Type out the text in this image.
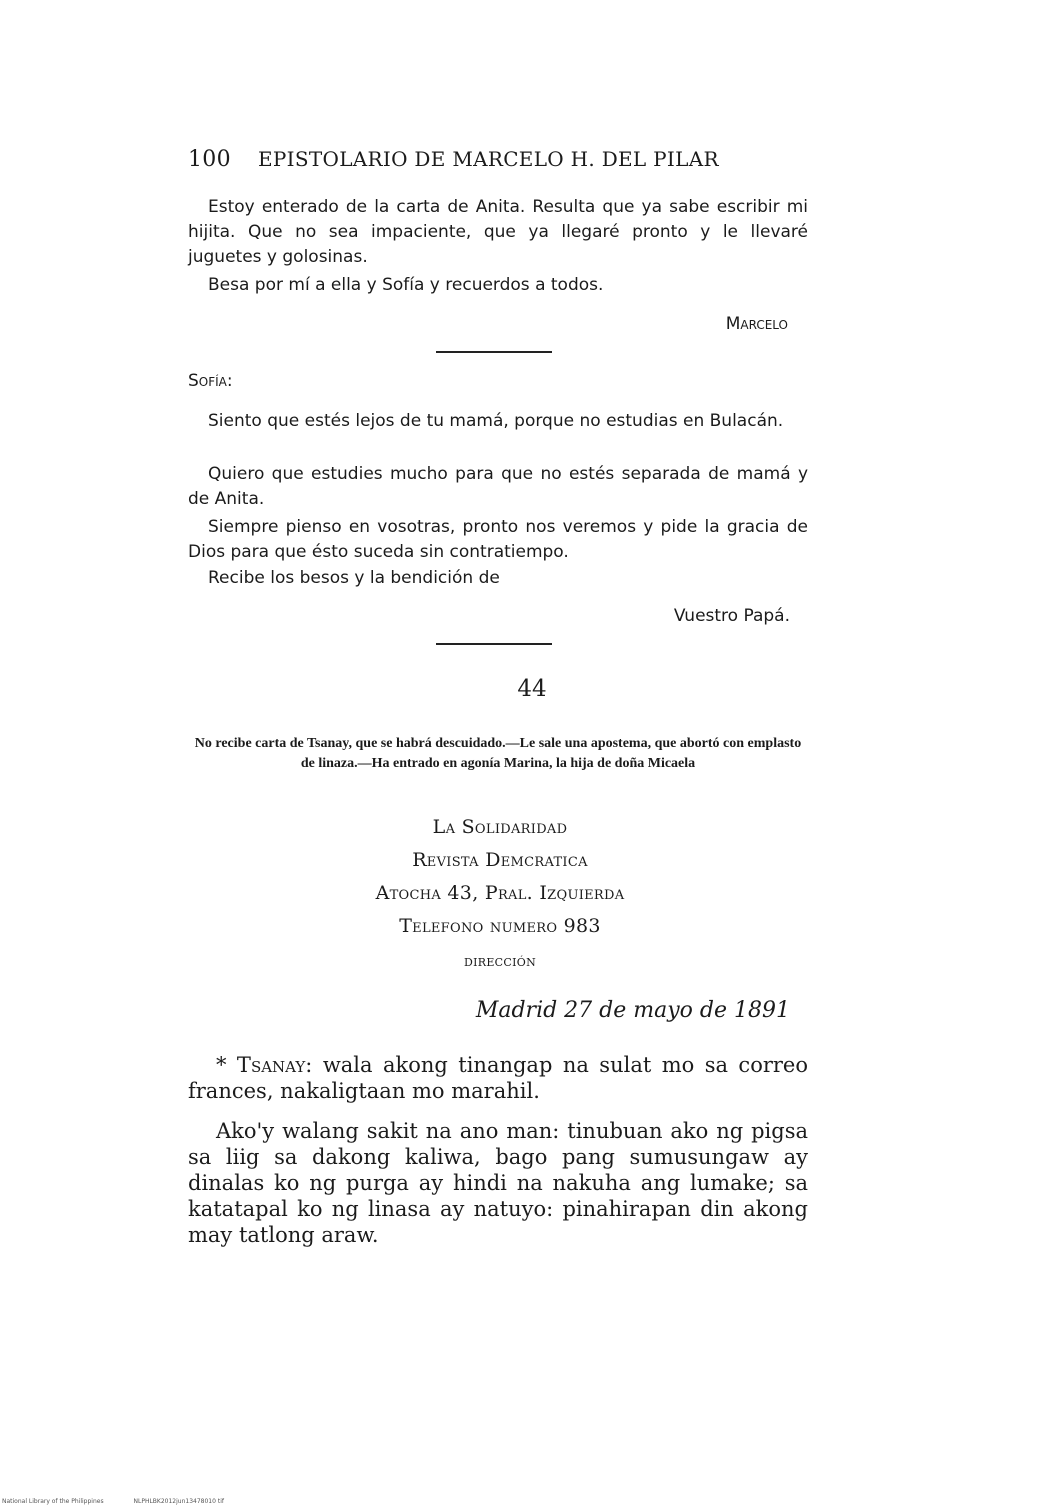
100 EPISTOLARIO DE MARCELO H. DEL PILAR

Estoy enterado de la carta de Anita. Resulta que ya sabe escribir mi hijita. Que no sea impaciente, que ya llegaré pronto y le llevaré juguetes y golosinas.

Besa por mí a ella y Sofía y recuerdos a todos.

Marcelo
Sofía:

Siento que estés lejos de tu mamá, porque no estudias en Bulacán.

Quiero que estudies mucho para que no estés separada de mamá y de Anita.

Siempre pienso en vosotras, pronto nos veremos y pide la gracia de Dios para que ésto suceda sin contratiempo.

Recibe los besos y la bendición de

Vuestro Papá.
44
No recibe carta de Tsanay, que se habrá descuidado.—Le sale una apostema, que abortó con emplasto de linaza.—Ha entrado en agonía Marina, la hija de doña Micaela
La Solidaridad
Revista Demcratica
Atocha 43, Pral. Izquierda
Telefono numero 983
dirección
Madrid 27 de mayo de 1891

* Tsanay: wala akong tinangap na sulat mo sa correo frances, nakaligtaan mo marahil.

Ako'y walang sakit na ano man: tinubuan ako ng pigsa sa liig sa dakong kaliwa, bago pang sumusungaw ay dinalas ko ng purga ay hindi na nakuha ang lumake; sa katatapal ko ng linasa ay natuyo: pinahirapan din akong may tatlong araw.

National Library of the Philippines	NLPHLBK2012jun13478010 tif
